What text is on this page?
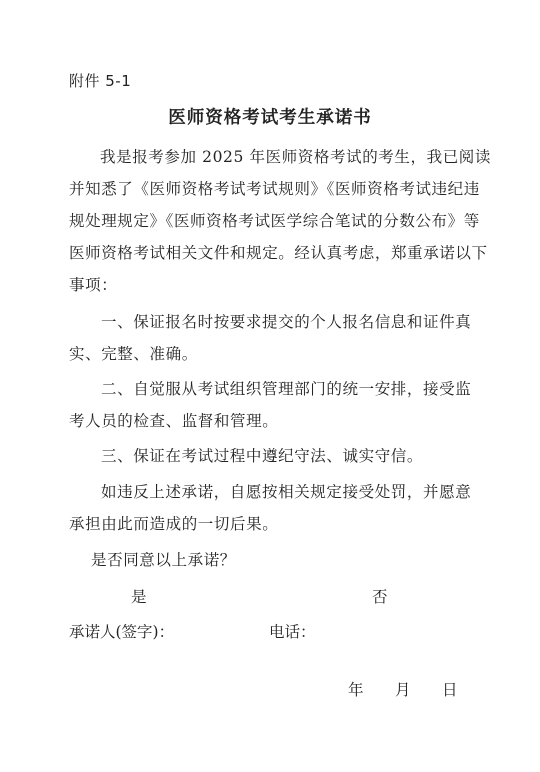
附件 5-1
医师资格考试考生承诺书
我是报考参加 2025 年医师资格考试的考生，我已阅读
并知悉了《医师资格考试考试规则》《医师资格考试违纪违
规处理规定》《医师资格考试医学综合笔试的分数公布》等
医师资格考试相关文件和规定。经认真考虑，郑重承诺以下
事项：
一、保证报名时按要求提交的个人报名信息和证件真
实、完整、准确。
二、自觉服从考试组织管理部门的统一安排，接受监
考人员的检查、监督和管理。
三、保证在考试过程中遵纪守法、诚实守信。
如违反上述承诺，自愿按相关规定接受处罚，并愿意
承担由此而造成的一切后果。
是否同意以上承诺？
是	否
承诺人(签字)：	电话：
年 月 日
